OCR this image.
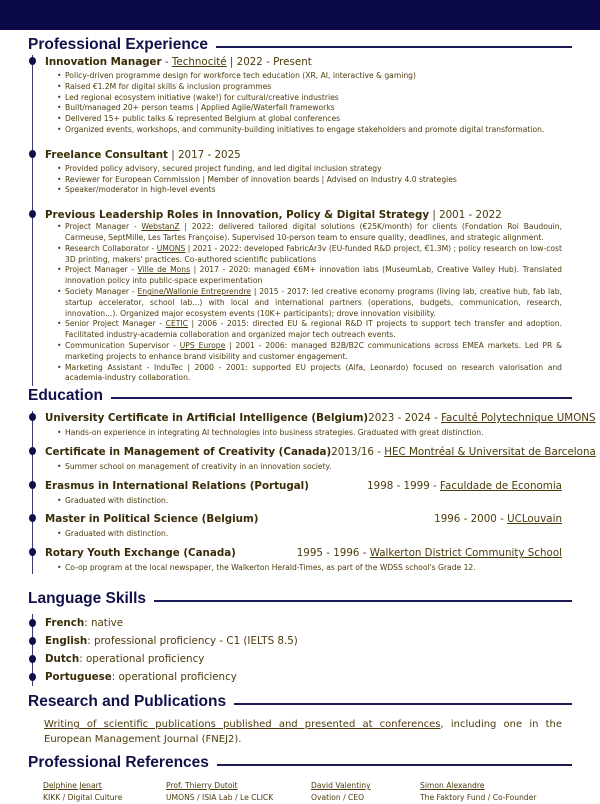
Professional Experience
Innovation Manager - Technocité | 2022 - Present
• Policy-driven programme design for workforce tech education (XR, AI, interactive & gaming)
• Raised €1.2M for digital skills & inclusion programmes
• Led regional ecosystem initiative (wake!) for cultural/creative industries
• Built/managed 20+ person teams | Applied Agile/Waterfall frameworks
• Delivered 15+ public talks & represented Belgium at global conferences
• Organized events, workshops, and community-building initiatives to engage stakeholders and promote digital transformation.
Freelance Consultant | 2017 - 2025
• Provided policy advisory, secured project funding, and led digital inclusion strategy
• Reviewer for European Commission | Member of innovation boards | Advised on Industry 4.0 strategies
• Speaker/moderator in high-level events
Previous Leadership Roles in Innovation, Policy & Digital Strategy | 2001 - 2022
• Project Manager - WebstanZ | 2022: delivered tailored digital solutions (€25K/month) for clients (Fondation Roi Baudouin, Carmeuse, SeptMille, Les Tartes Françoise). Supervised 10-person team to ensure quality, deadlines, and strategic alignment.
• Research Collaborator - UMONS | 2021 - 2022: developed FabricAr3v (EU-funded R&D project, €1.3M) ; policy research on low-cost 3D printing, makers' practices. Co-authored scientific publications
• Project Manager - Ville de Mons | 2017 - 2020: managed €6M+ innovation labs (MuseumLab, Creative Valley Hub). Translated innovation policy into public-space experimentation
• Society Manager - Engine/Wallonie Entreprendre | 2015 - 2017: led creative economy programs (living lab, creative hub, fab lab, startup accelerator, school lab...) with local and international partners (operations, budgets, communication, research, innovation...). Organized major ecosystem events (10K+ participants); drove innovation visibility.
• Senior Project Manager - CETIC | 2006 - 2015: directed EU & regional R&D IT projects to support tech transfer and adoption. Facilitated industry-academia collaboration and organized major tech outreach events.
• Communication Supervisor - UPS Europe | 2001 - 2006: managed B2B/B2C communications across EMEA markets. Led PR & marketing projects to enhance brand visibility and customer engagement.
• Marketing Assistant - InduTec | 2000 - 2001: supported EU projects (Alfa, Leonardo) focused on research valorisation and academia-industry collaboration.
Education
University Certificate in Artificial Intelligence (Belgium) 2023 - 2024 - Faculté Polytechnique UMONS
• Hands-on experience in integrating AI technologies into business strategies. Graduated with great distinction.
Certificate in Management of Creativity (Canada) 2013/16 - HEC Montréal & Universitat de Barcelona
• Summer school on management of creativity in an innovation society.
Erasmus in International Relations (Portugal)	1998 - 1999 - Faculdade de Economia
• Graduated with distinction.
Master in Political Science (Belgium)	1996 - 2000 - UCLouvain
• Graduated with distinction.
Rotary Youth Exchange (Canada)	1995 - 1996 - Walkerton District Community School
• Co-op program at the local newspaper, the Walkerton Herald-Times, as part of the WDSS school's Grade 12.
Language Skills
French: native
English: professional proficiency - C1 (IELTS 8.5)
Dutch: operational proficiency
Portuguese: operational proficiency
Research and Publications
Writing of scientific publications published and presented at conferences, including one in the European Management Journal (FNEJ2).
Professional References
Delphine Jenart
KIKK / Digital Culture
Prof. Thierry Dutoit
UMONS / ISIA Lab / Le CLICK
David Valentiny
Ovation / CEO
Simon Alexandre
The Faktory Fund / Co-Founder
